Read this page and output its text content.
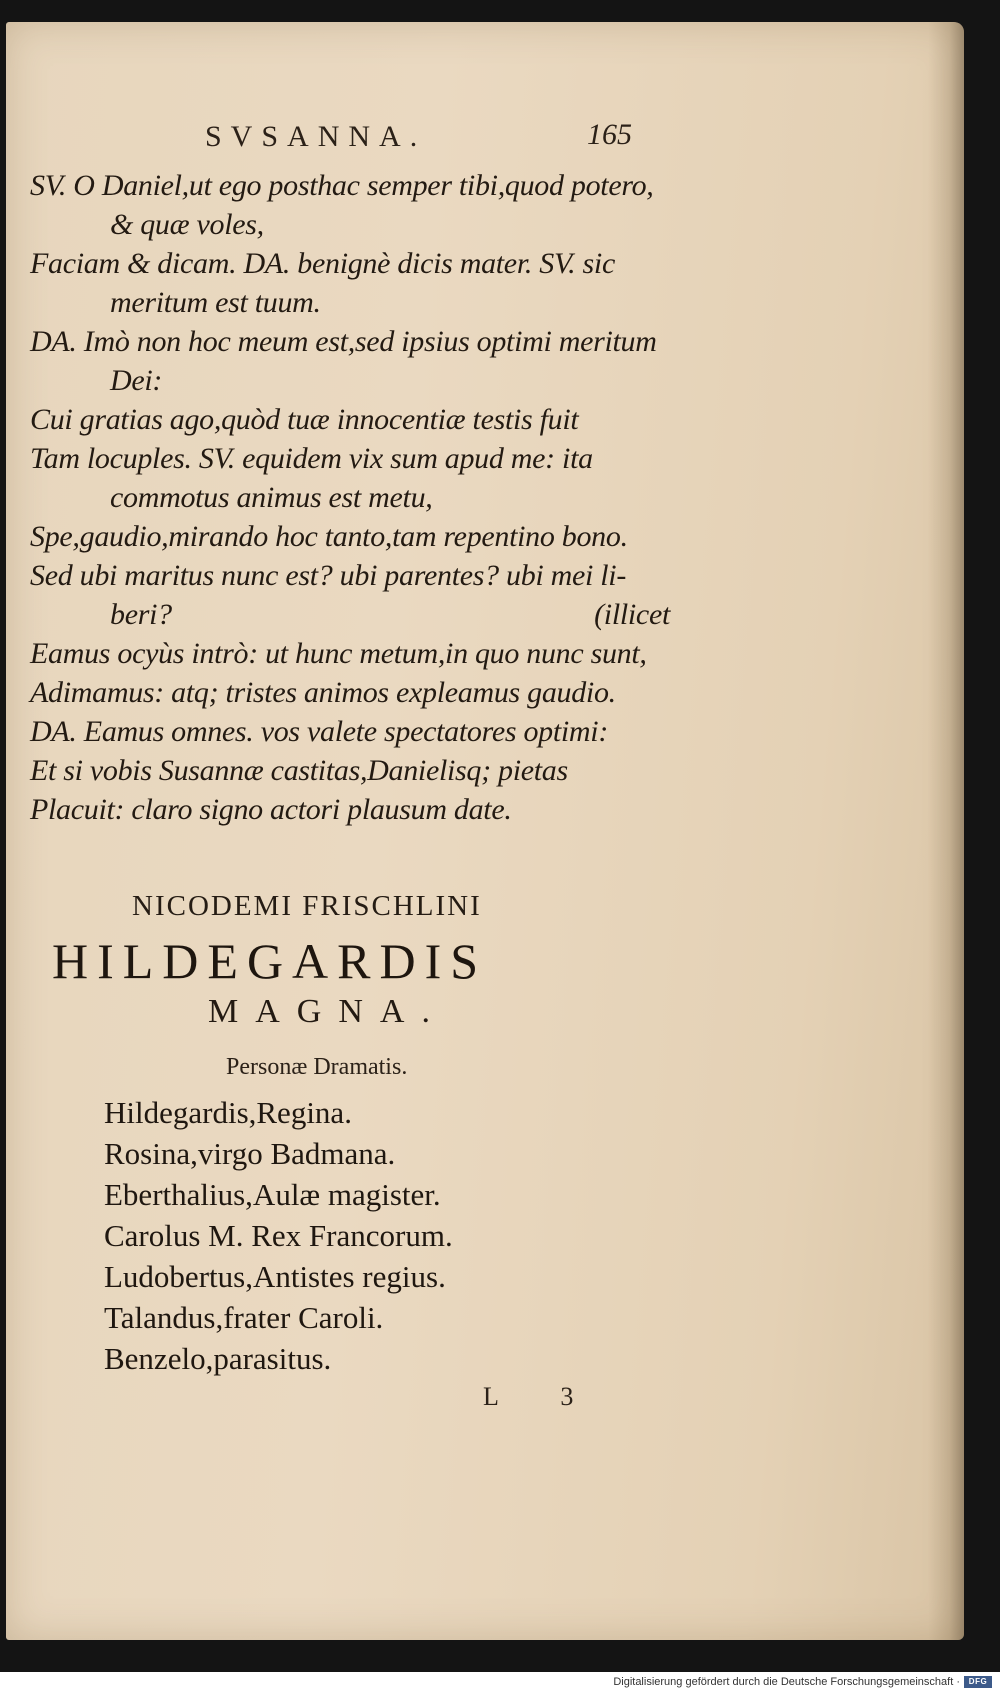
SVSANNA.	165
SV. O Daniel,ut ego posthac semper tibi,quod potero,
& quæ voles,
Faciam & dicam. DA. benignè dicis mater. SV. sic
meritum est tuum.
DA. Imò non hoc meum est,sed ipsius optimi meritum
Dei:
Cui gratias ago,quòd tuæ innocentiæ testis fuit
Tam locuples. SV. equidem vix sum apud me: ita
commotus animus est metu,
Spe,gaudio,mirando hoc tanto,tam repentino bono.
Sed ubi maritus nunc est? ubi parentes? ubi mei li-
beri?	(illicet
Eamus ocyùs intrò: ut hunc metum,in quo nunc sunt,
Adimamus: atq; tristes animos expleamus gaudio.
DA. Eamus omnes. vos valete spectatores optimi:
Et si vobis Susannæ castitas,Danielisq; pietas
Placuit: claro signo actori plausum date.
NICODEMI FRISCHLINI
HILDEGARDIS
MAGNA.
Personæ Dramatis.
Hildegardis,Regina.
Rosina,virgo Badmana.
Eberthalius,Aulæ magister.
Carolus M. Rex Francorum.
Ludobertus,Antistes regius.
Talandus,frater Caroli.
Benzelo,parasitus.
L 3
Digitalisierung gefördert durch die Deutsche Forschungsgemeinschaft ·	DFG
